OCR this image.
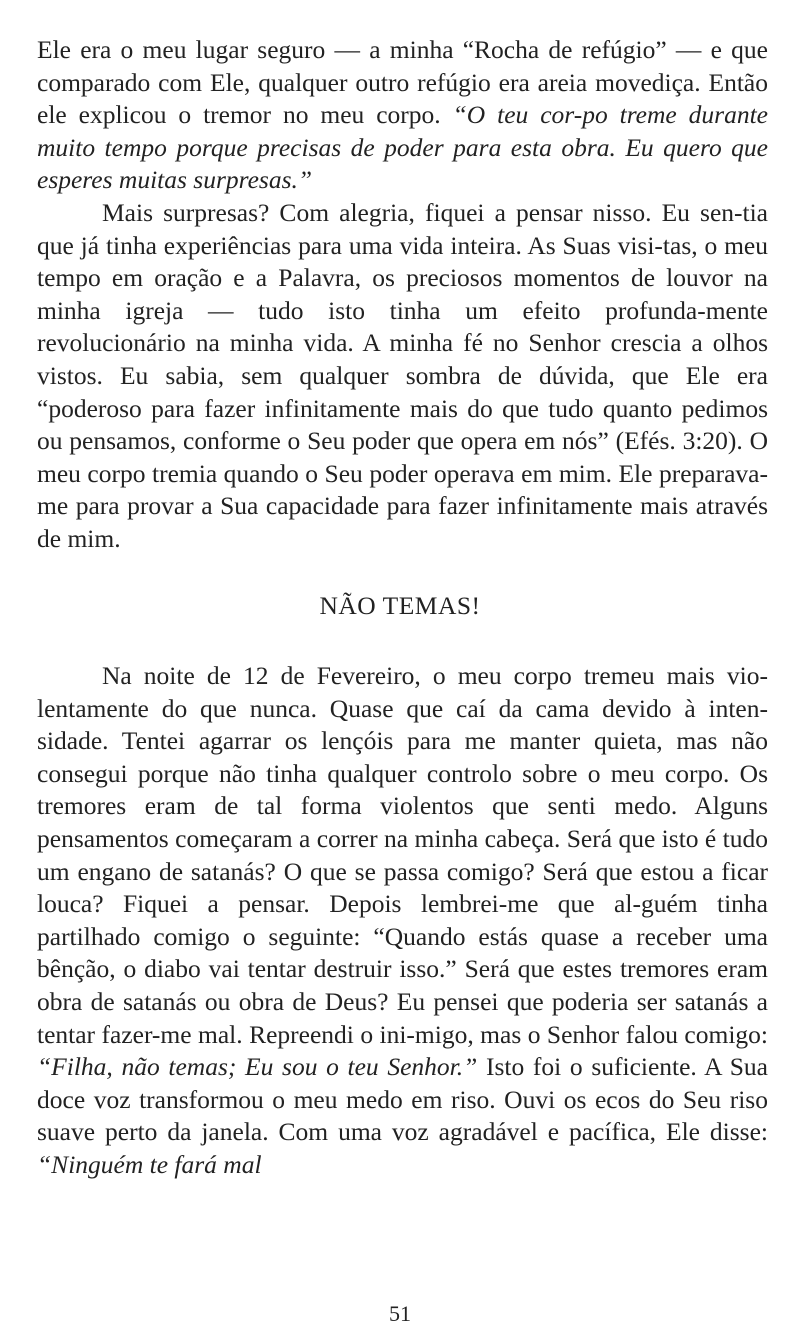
Ele era o meu lugar seguro — a minha “Rocha de refúgio” — e que comparado com Ele, qualquer outro refúgio era areia movediça. Então ele explicou o tremor no meu corpo. “O teu cor-po treme durante muito tempo porque precisas de poder para esta obra. Eu quero que esperes muitas surpresas.”

Mais surpresas? Com alegria, fiquei a pensar nisso. Eu sen-tia que já tinha experiências para uma vida inteira. As Suas visi-tas, o meu tempo em oração e a Palavra, os preciosos momentos de louvor na minha igreja — tudo isto tinha um efeito profunda-mente revolucionário na minha vida. A minha fé no Senhor crescia a olhos vistos. Eu sabia, sem qualquer sombra de dúvida, que Ele era “poderoso para fazer infinitamente mais do que tudo quanto pedimos ou pensamos, conforme o Seu poder que opera em nós” (Efés. 3:20). O meu corpo tremia quando o Seu poder operava em mim. Ele preparava-me para provar a Sua capacidade para fazer infinitamente mais através de mim.

NÃO TEMAS!

Na noite de 12 de Fevereiro, o meu corpo tremeu mais vio-lentamente do que nunca. Quase que caí da cama devido à inten-sidade. Tentei agarrar os lençóis para me manter quieta, mas não consegui porque não tinha qualquer controlo sobre o meu corpo. Os tremores eram de tal forma violentos que senti medo. Alguns pensamentos começaram a correr na minha cabeça. Será que isto é tudo um engano de satanás? O que se passa comigo? Será que estou a ficar louca? Fiquei a pensar. Depois lembrei-me que al-guém tinha partilhado comigo o seguinte: “Quando estás quase a receber uma bênção, o diabo vai tentar destruir isso.” Será que estes tremores eram obra de satanás ou obra de Deus? Eu pensei que poderia ser satanás a tentar fazer-me mal. Repreendi o ini-migo, mas o Senhor falou comigo: “Filha, não temas; Eu sou o teu Senhor.” Isto foi o suficiente. A Sua doce voz transformou o meu medo em riso. Ouvi os ecos do Seu riso suave perto da janela. Com uma voz agradável e pacífica, Ele disse: “Ninguém te fará mal

51
